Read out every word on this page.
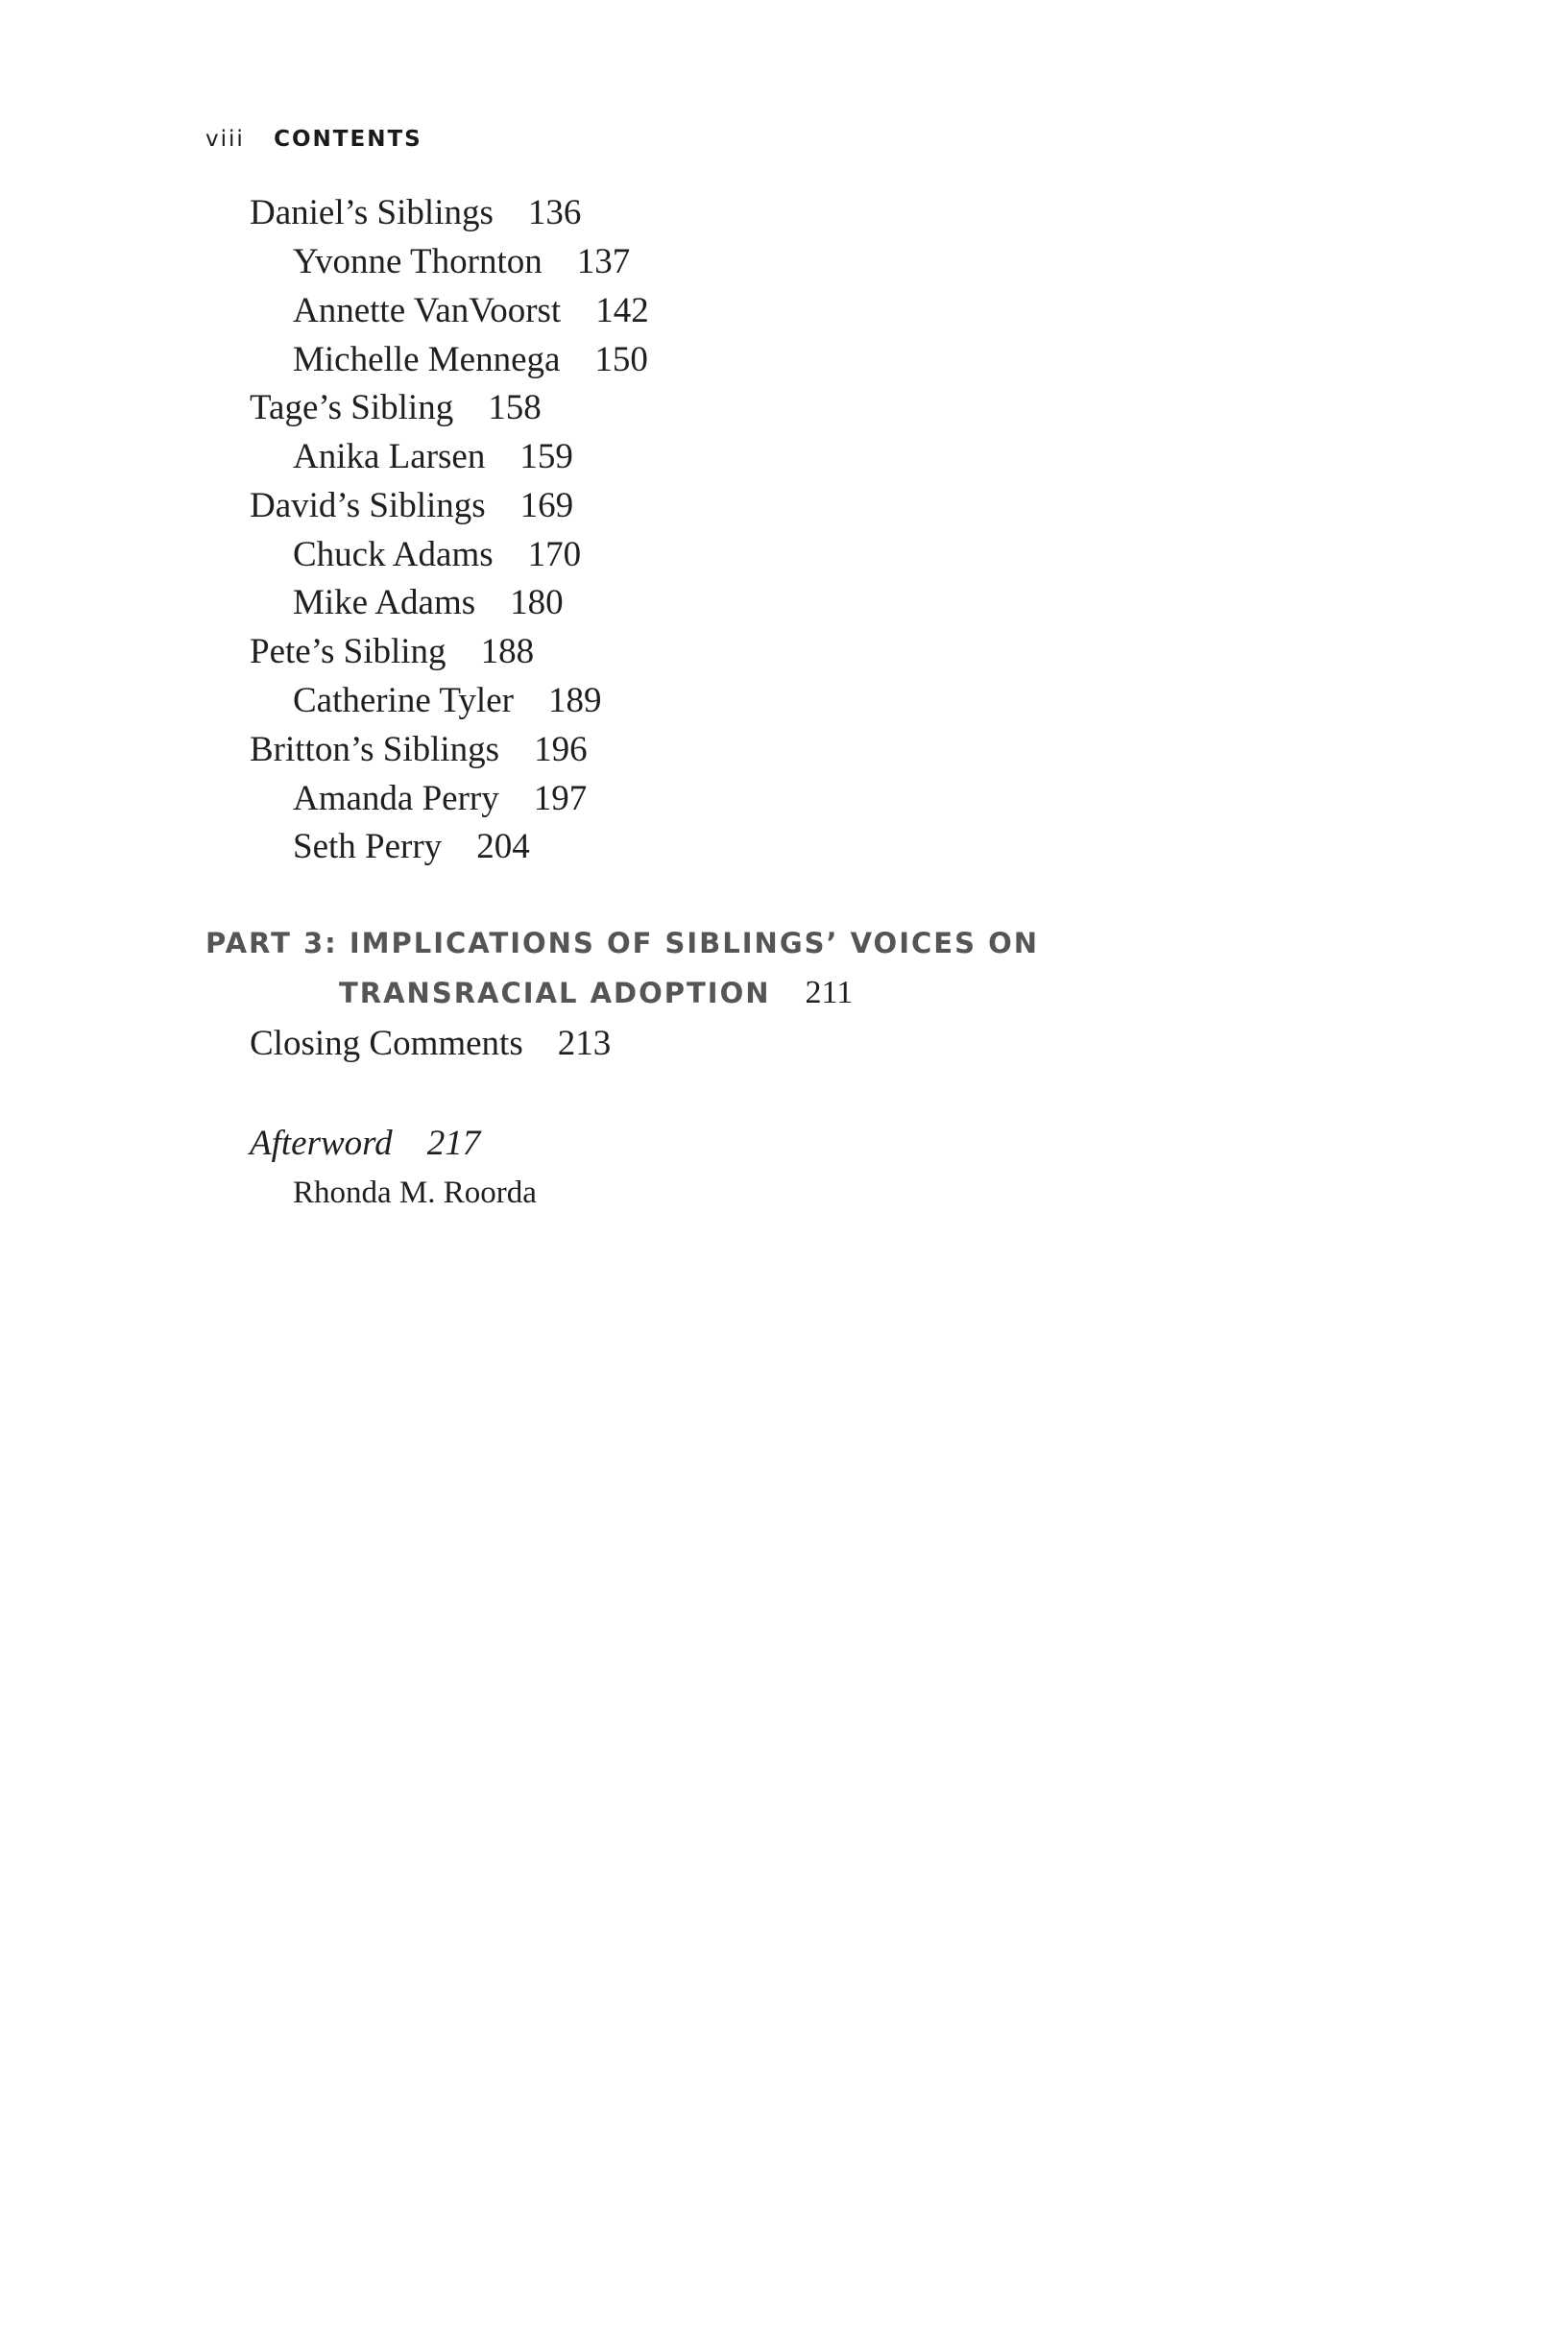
viii CONTENTS
Daniel’s Siblings 136
Yvonne Thornton 137
Annette VanVoorst 142
Michelle Mennega 150
Tage’s Sibling 158
Anika Larsen 159
David’s Siblings 169
Chuck Adams 170
Mike Adams 180
Pete’s Sibling 188
Catherine Tyler 189
Britton’s Siblings 196
Amanda Perry 197
Seth Perry 204
PART 3: IMPLICATIONS OF SIBLINGS’ VOICES ON
TRANSRACIAL ADOPTION 211
Closing Comments 213
Afterword 217
Rhonda M. Roorda
